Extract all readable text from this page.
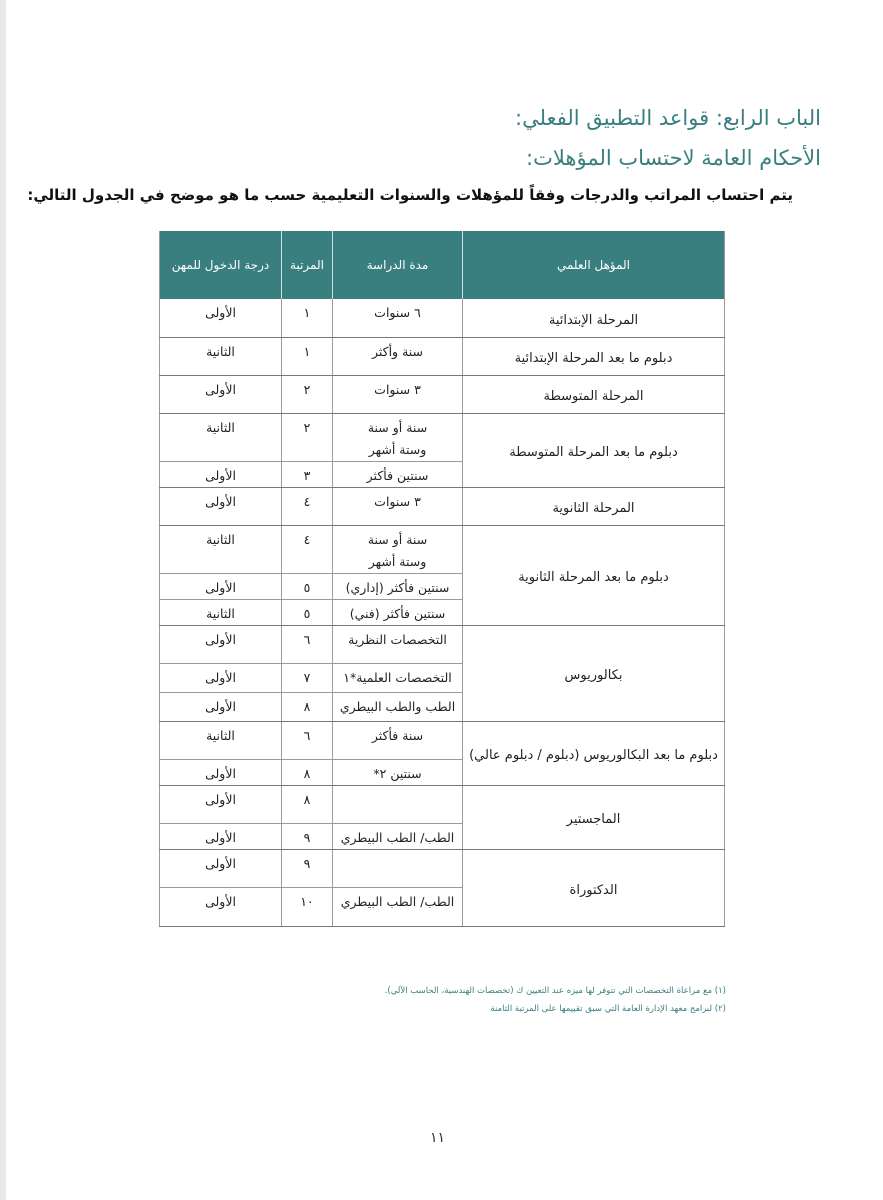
الباب الرابع: قواعد التطبيق الفعلي:
الأحكام العامة لاحتساب المؤهلات:
يتم احتساب المراتب والدرجات وفقاً للمؤهلات والسنوات التعليمية حسب ما هو موضح في الجدول التالي:
المؤهل العلمي	مدة الدراسة	المرتبة	درجة الدخول للمهن
المرحلة الإبتدائية	٦ سنوات	١	الأولى
دبلوم ما بعد المرحلة الإبتدائية	سنة وأكثر	١	الثانية
المرحلة المتوسطة	٣ سنوات	٢	الأولى
دبلوم ما بعد المرحلة المتوسطة	سنة أو سنة وستة أشهر	٢	الثانية
	سنتين فأكثر	٣	الأولى
المرحلة الثانوية	٣ سنوات	٤	الأولى
دبلوم ما بعد المرحلة الثانوية	سنة أو سنة وستة أشهر	٤	الثانية
	سنتين فأكثر (إداري)	٥	الأولى
	سنتين فأكثر (فني)	٥	الثانية
بكالوريوس	التخصصات النظرية	٦	الأولى
	التخصصات العلمية*١	٧	الأولى
	الطب والطب البيطري	٨	الأولى
دبلوم ما بعد البكالوريوس (دبلوم / دبلوم عالي)	سنة فأكثر	٦	الثانية
	سنتين ٢*	٨	الأولى
الماجستير		٨	الأولى
	الطب/ الطب البيطري	٩	الأولى
الدكتوراة		٩	الأولى
	الطب/ الطب البيطري	١٠	الأولى
(١) مع مراعاة التخصصات التي تتوفر لها ميزه عند التعيين ك (تخصصات الهندسية، الحاسب الآلي).
(٢) لبرامج معهد الإدارة العامة التي سبق تقييمها على المرتبة الثامنة
١١
